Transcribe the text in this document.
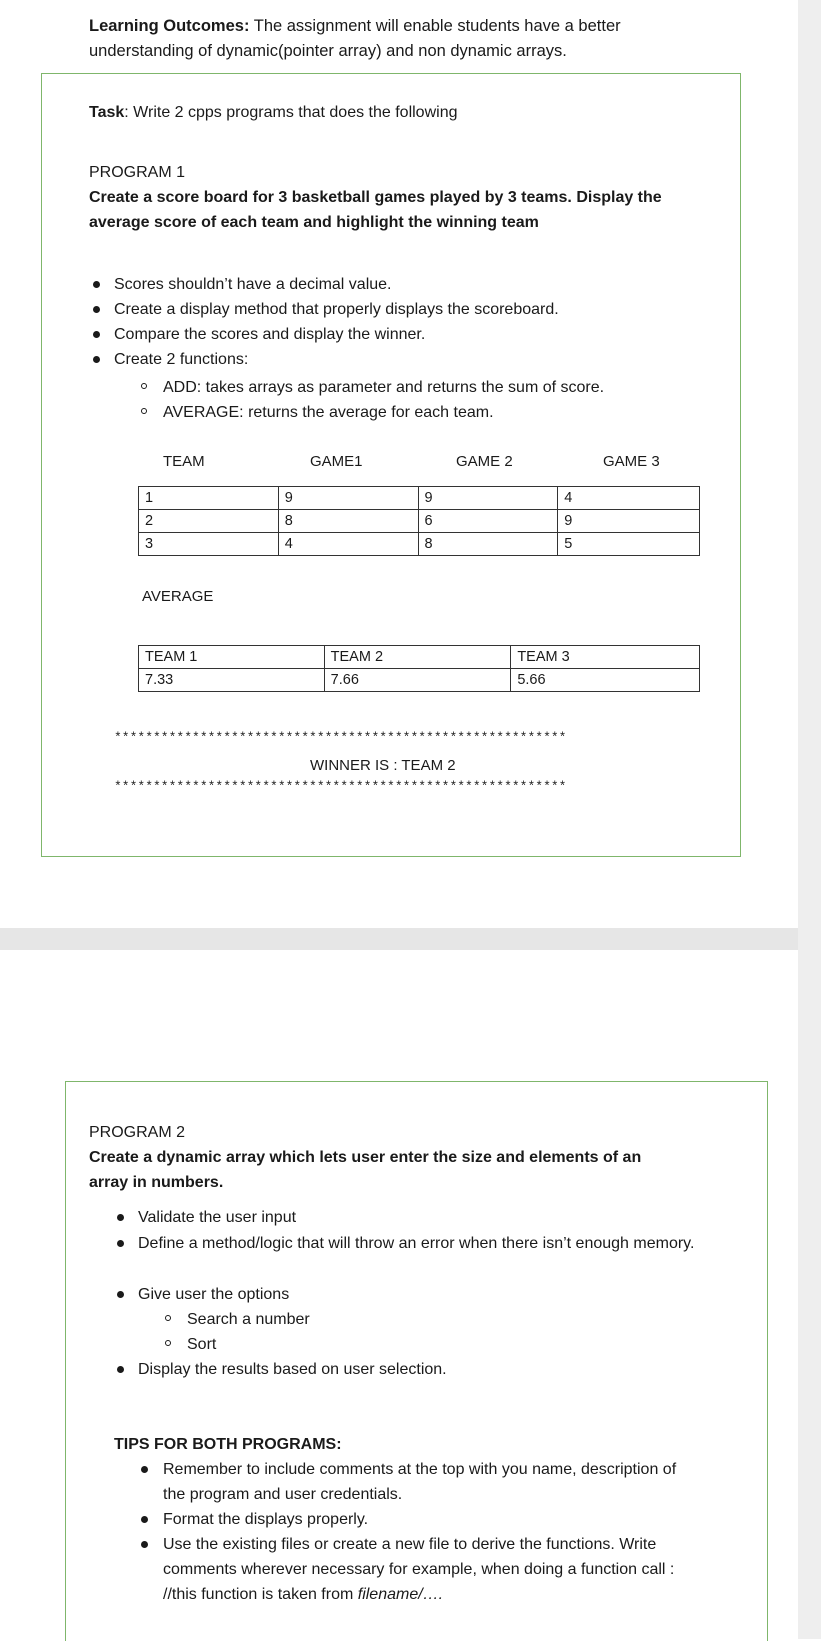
Learning Outcomes: The assignment will enable students have a better understanding of dynamic(pointer array) and non dynamic arrays.
Task: Write 2 cpps programs that does the following
PROGRAM 1
Create a score board for 3 basketball games played by 3 teams. Display the average score of each team and highlight the winning team
Scores shouldn’t have a decimal value.
Create a display method that properly displays the scoreboard.
Compare the scores and display the winner.
Create 2 functions:
ADD: takes arrays as parameter and returns the sum of score.
AVERAGE: returns the average for each team.
TEAM	GAME1	GAME 2	GAME 3
1	9	9	4
2	8	6	9
3	4	8	5
AVERAGE
TEAM 1	TEAM 2	TEAM 3
7.33	7.66	5.66
**********************************************************
WINNER IS : TEAM 2
**********************************************************
PROGRAM 2
Create a dynamic array which lets user enter the size and elements of an array in numbers.
Validate the user input
Define a method/logic that will throw an error when there isn’t enough memory.
Give user the options
Search a number
Sort
Display the results based on user selection.
TIPS FOR BOTH PROGRAMS:
Remember to include comments at the top with you name, description of the program and user credentials.
Format the displays properly.
Use the existing files or create a new file to derive the functions. Write comments wherever necessary for example, when doing a function call : //this function is taken from filename/….
